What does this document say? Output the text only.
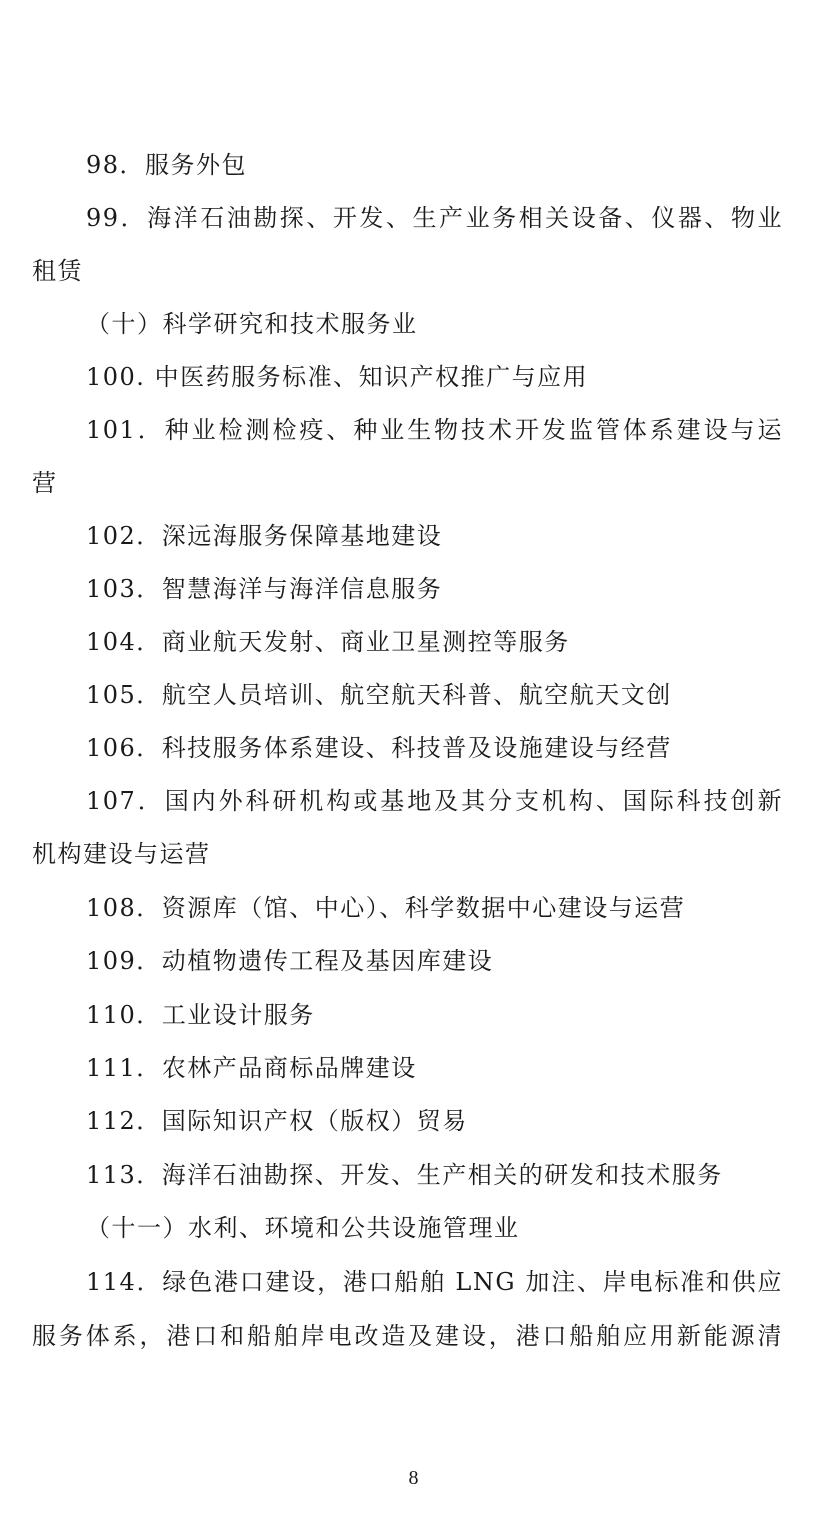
98．服务外包
99．海洋石油勘探、开发、生产业务相关设备、仪器、物业
租赁
（十）科学研究和技术服务业
100. 中医药服务标准、知识产权推广与应用
101．种业检测检疫、种业生物技术开发监管体系建设与运
营
102．深远海服务保障基地建设
103．智慧海洋与海洋信息服务
104．商业航天发射、商业卫星测控等服务
105．航空人员培训、航空航天科普、航空航天文创
106．科技服务体系建设、科技普及设施建设与经营
107．国内外科研机构或基地及其分支机构、国际科技创新
机构建设与运营
108．资源库（馆、中心）、科学数据中心建设与运营
109．动植物遗传工程及基因库建设
110．工业设计服务
111．农林产品商标品牌建设
112．国际知识产权（版权）贸易
113．海洋石油勘探、开发、生产相关的研发和技术服务
（十一）水利、环境和公共设施管理业
114．绿色港口建设，港口船舶 LNG 加注、岸电标准和供应
服务体系，港口和船舶岸电改造及建设，港口船舶应用新能源清
8
